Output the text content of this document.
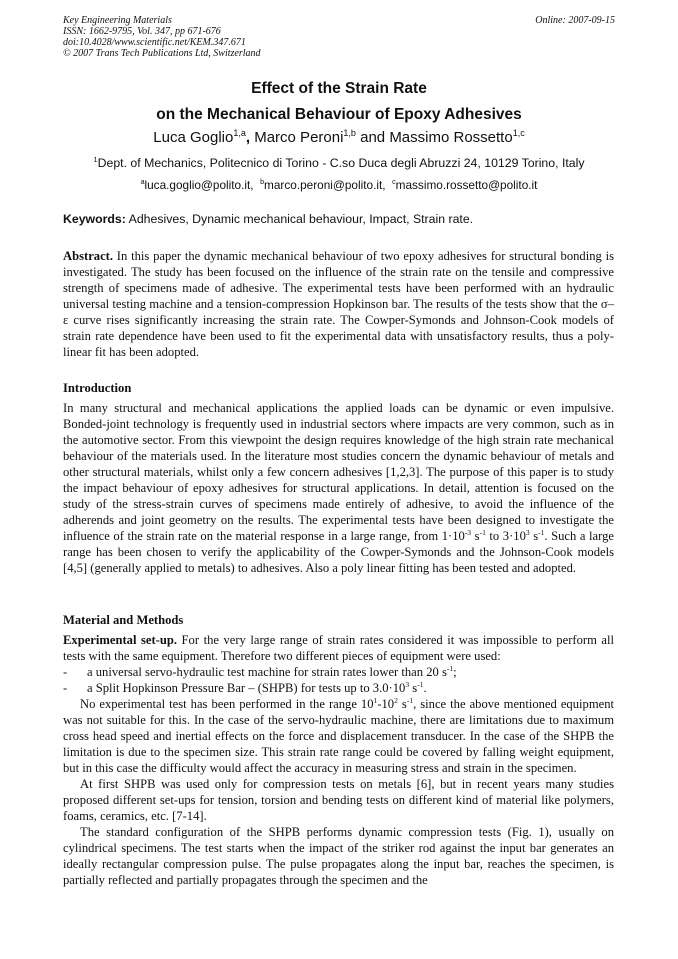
Key Engineering Materials
ISSN: 1662-9795, Vol. 347, pp 671-676
doi:10.4028/www.scientific.net/KEM.347.671
© 2007 Trans Tech Publications Ltd, Switzerland
Online: 2007-09-15
Effect of the Strain Rate
on the Mechanical Behaviour of Epoxy Adhesives
Luca Goglio$^{1,a}$, Marco Peroni$^{1,b}$ and Massimo Rossetto$^{1,c}$
$^1$Dept. of Mechanics, Politecnico di Torino - C.so Duca degli Abruzzi 24, 10129 Torino, Italy
$^a$luca.goglio@polito.it, $^b$marco.peroni@polito.it, $^c$massimo.rossetto@polito.it
Keywords: Adhesives, Dynamic mechanical behaviour, Impact, Strain rate.

Abstract. In this paper the dynamic mechanical behaviour of two epoxy adhesives for structural bonding is investigated. The study has been focused on the influence of the strain rate on the tensile and compressive strength of specimens made of adhesive. The experimental tests have been performed with an hydraulic universal testing machine and a tension-compression Hopkinson bar. The results of the tests show that the σ–ε curve rises significantly increasing the strain rate. The Cowper-Symonds and Johnson-Cook models of strain rate dependence have been used to fit the experimental data with unsatisfactory results, thus a poly-linear fit has been adopted.

Introduction

In many structural and mechanical applications the applied loads can be dynamic or even impulsive. Bonded-joint technology is frequently used in industrial sectors where impacts are very common, such as in the automotive sector. From this viewpoint the design requires knowledge of the high strain rate mechanical behaviour of the materials used. In the literature most studies concern the dynamic behaviour of metals and other structural materials, whilst only a few concern adhesives [1,2,3]. The purpose of this paper is to study the impact behaviour of epoxy adhesives for structural applications. In detail, attention is focused on the study of the stress-strain curves of specimens made entirely of adhesive, to avoid the influence of the adherends and joint geometry on the results. The experimental tests have been designed to investigate the influence of the strain rate on the material response in a large range, from $1\cdot 10^{-3}$ $s^{-1}$ to $3\cdot 10^3$ $s^{-1}$. Such a large range has been chosen to verify the applicability of the Cowper-Symonds and the Johnson-Cook models [4,5] (generally applied to metals) to adhesives. Also a poly linear fitting has been tested and adopted.

Material and Methods

Experimental set-up. For the very large range of strain rates considered it was impossible to perform all tests with the same equipment. Therefore two different pieces of equipment were used:

- a universal servo-hydraulic test machine for strain rates lower than 20 $s^{-1}$;

- a Split Hopkinson Pressure Bar – (SHPB) for tests up to $3.0\cdot 10^3$ $s^{-1}$.

No experimental test has been performed in the range $10^1-10^2$ $s^{-1}$, since the above mentioned equipment was not suitable for this. In the case of the servo-hydraulic machine, there are limitations due to maximum cross head speed and inertial effects on the force and displacement transducer. In the case of the SHPB the limitation is due to the specimen size. This strain rate range could be covered by falling weight equipment, but in this case the difficulty would affect the accuracy in measuring stress and strain in the specimen.

At first SHPB was used only for compression tests on metals [6], but in recent years many studies proposed different set-ups for tension, torsion and bending tests on different kind of material like polymers, foams, ceramics, etc. [7-14].

The standard configuration of the SHPB performs dynamic compression tests (Fig. 1), usually on cylindrical specimens. The test starts when the impact of the striker rod against the input bar generates an ideally rectangular compression pulse. The pulse propagates along the input bar, reaches the specimen, is partially reflected and partially propagates through the specimen and the
